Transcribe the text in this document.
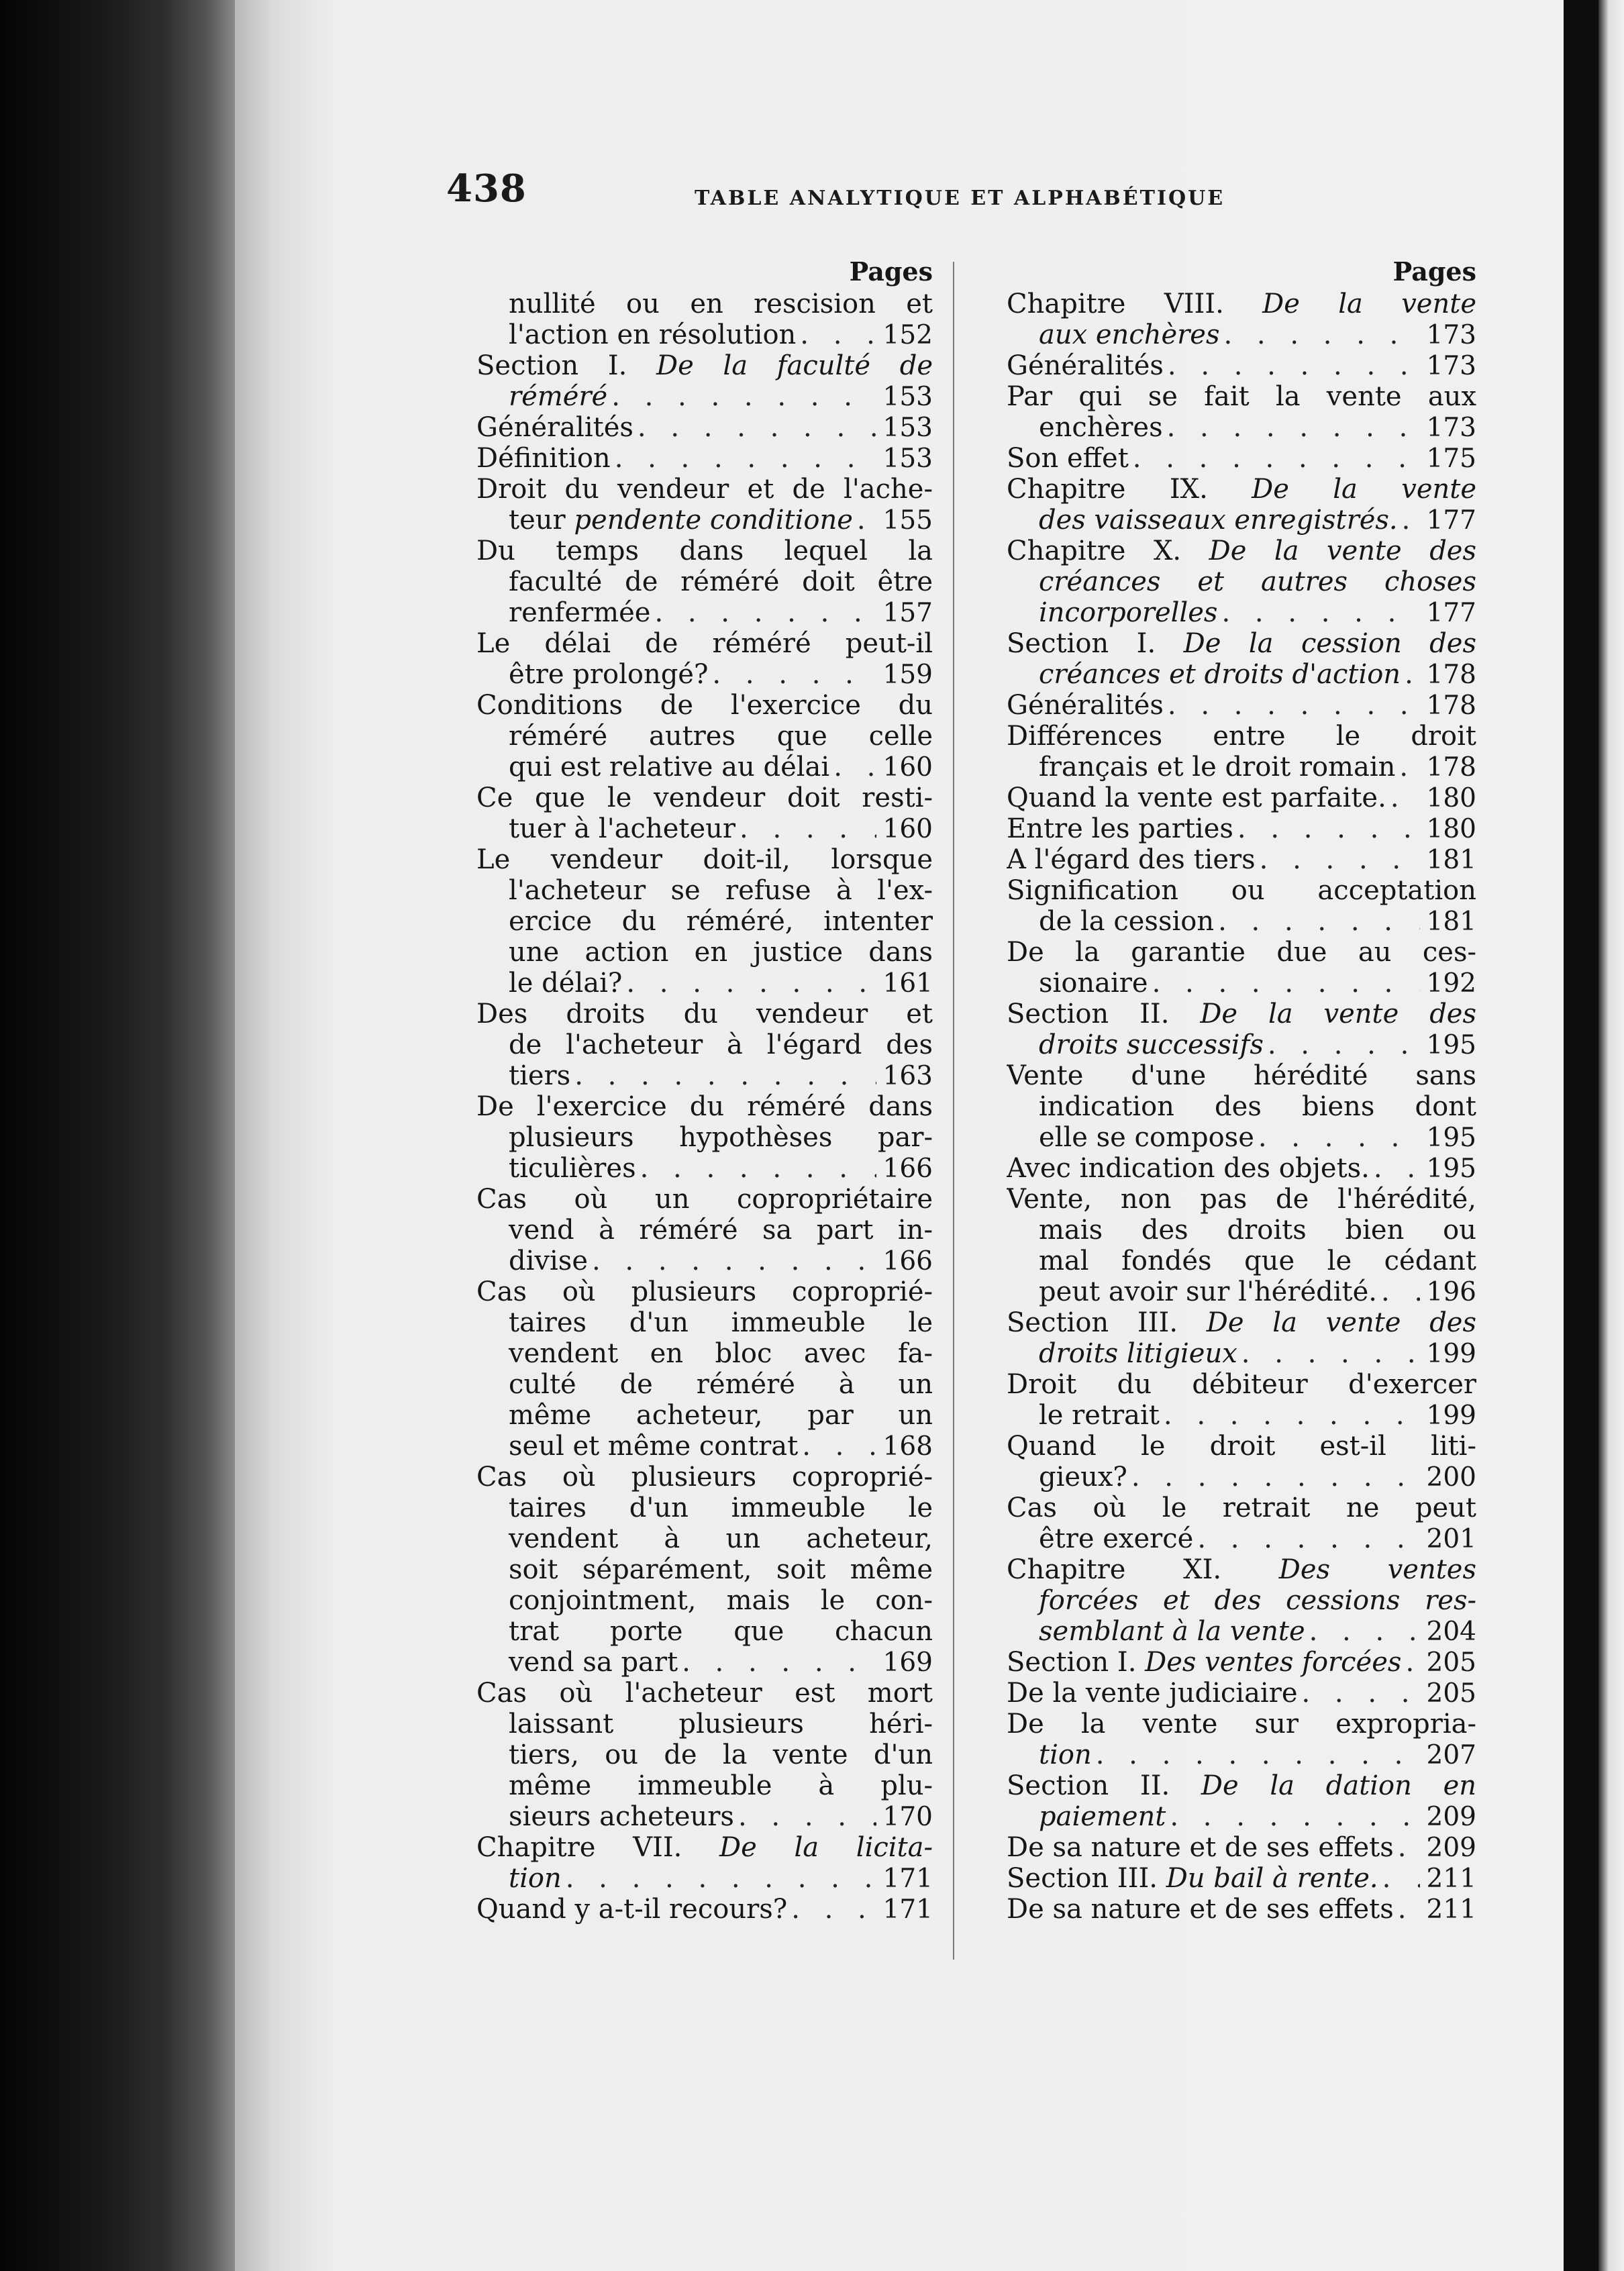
438	TABLE ANALYTIQUE ET ALPHABÉTIQUE
Pages
nullité ou en rescision et
l'action en résolution . . .	152
Section I. De la faculté de
réméré . . .	153
Généralités . . .	153
Définition . . .	153
Droit du vendeur et de l'ache-
teur pendente conditione . . . 155
Du temps dans lequel la
faculté de réméré doit être
renfermée . . .	157
Le délai de réméré peut-il
être prolongé? . . .	159
Conditions de l'exercice du
réméré autres que celle
qui est relative au délai . . . 160
Ce que le vendeur doit resti-
tuer à l'acheteur . . .	160
Le vendeur doit-il, lorsque
l'acheteur se refuse à l'ex-
ercice du réméré, intenter
une action en justice dans
le délai? . . .	161
Des droits du vendeur et
de l'acheteur à l'égard des
tiers . . .	163
De l'exercice du réméré dans
plusieurs hypothèses par-
ticulières . . .	166
Cas où un copropriétaire
vend à réméré sa part in-
divise . . .	166
Cas où plusieurs coproprié-
taires d'un immeuble le
vendent en bloc avec fa-
culté de réméré à un
même acheteur, par un
seul et même contrat . . .	168
Cas où plusieurs coproprié-
taires d'un immeuble le
vendent à un acheteur,
soit séparément, soit même
conjointment, mais le con-
trat porte que chacun
vend sa part . . .	169
Cas où l'acheteur est mort
laissant plusieurs héri-
tiers, ou de la vente d'un
même immeuble à plu-
sieurs acheteurs . . .	170
Chapitre VII. De la licita-
tion . . .	171
Quand y a-t-il recours? . . .	171
Pages
Chapitre VIII. De la vente
aux enchères . . .	173
Généralités . . .	173
Par qui se fait la vente aux
enchères . . .	173
Son effet . . .	175
Chapitre IX. De la vente
des vaisseaux enregistrés. . . . 177
Chapitre X. De la vente des
créances et autres choses
incorporelles . . .	177
Section I. De la cession des
créances et droits d'action . . . 178
Généralités . . .	178
Différences entre le droit
français et le droit romain . . . 178
Quand la vente est parfaite. . . . 180
Entre les parties . . .	180
A l'égard des tiers . . .	181
Signification ou acceptation
de la cession . . .	181
De la garantie due au ces-
sionaire . . .	192
Section II. De la vente des
droits successifs . . .	195
Vente d'une hérédité sans
indication des biens dont
elle se compose . . .	195
Avec indication des objets. . . . 195
Vente, non pas de l'hérédité,
mais des droits bien ou
mal fondés que le cédant
peut avoir sur l'hérédité. . . . 196
Section III. De la vente des
droits litigieux . . .	199
Droit du débiteur d'exercer
le retrait . . .	199
Quand le droit est-il liti-
gieux? . . .	200
Cas où le retrait ne peut
être exercé . . .	201
Chapitre XI. Des ventes
forcées et des cessions res-
semblant à la vente . . .	204
Section I. Des ventes forcées . . . 205
De la vente judiciaire . . .	205
De la vente sur expropria-
tion . . .	207
Section II. De la dation en
paiement . . .	209
De sa nature et de ses effets . . . 209
Section III. Du bail à rente. . . . 211
De sa nature et de ses effets . . . 211
